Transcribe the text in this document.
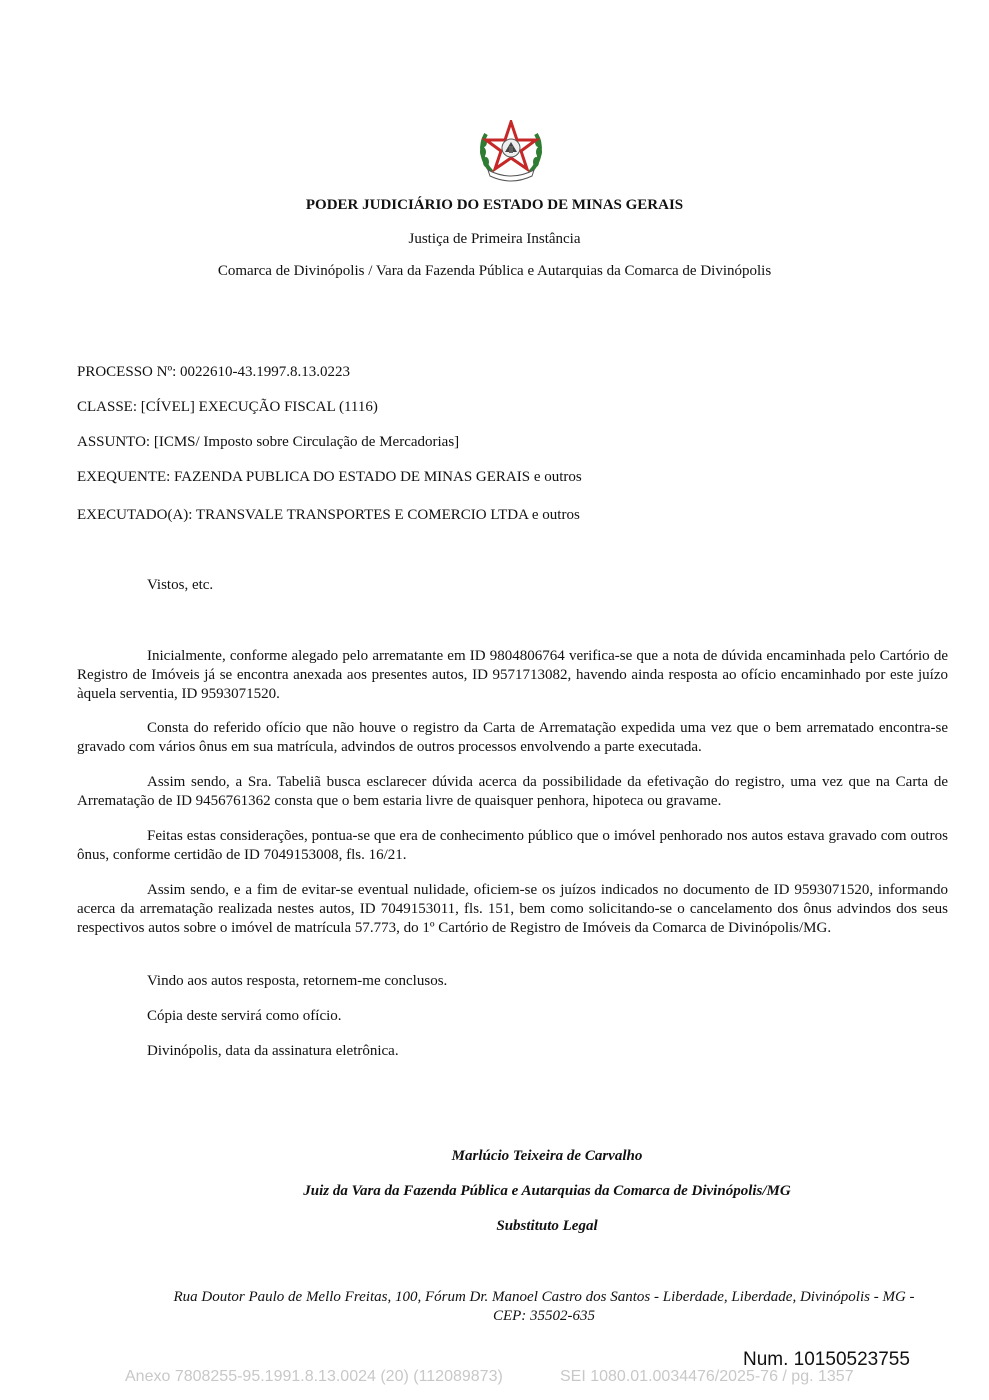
PODER JUDICIÁRIO DO ESTADO DE MINAS GERAIS
Justiça de Primeira Instância
Comarca de Divinópolis / Vara da Fazenda Pública e Autarquias da Comarca de Divinópolis
PROCESSO Nº: 0022610-43.1997.8.13.0223
CLASSE: [CÍVEL] EXECUÇÃO FISCAL (1116)
ASSUNTO: [ICMS/ Imposto sobre Circulação de Mercadorias]
EXEQUENTE: FAZENDA PUBLICA DO ESTADO DE MINAS GERAIS e outros
EXECUTADO(A): TRANSVALE TRANSPORTES E COMERCIO LTDA e outros
Vistos, etc.
Inicialmente, conforme alegado pelo arrematante em ID 9804806764 verifica-se que a nota de dúvida encaminhada pelo Cartório de Registro de Imóveis já se encontra anexada aos presentes autos, ID 9571713082, havendo ainda resposta ao ofício encaminhado por este juízo àquela serventia, ID 9593071520.
Consta do referido ofício que não houve o registro da Carta de Arrematação expedida uma vez que o bem arrematado encontra-se gravado com vários ônus em sua matrícula, advindos de outros processos envolvendo a parte executada.
Assim sendo, a Sra. Tabeliã busca esclarecer dúvida acerca da possibilidade da efetivação do registro, uma vez que na Carta de Arrematação de ID 9456761362 consta que o bem estaria livre de quaisquer penhora, hipoteca ou gravame.
Feitas estas considerações, pontua-se que era de conhecimento público que o imóvel penhorado nos autos estava gravado com outros ônus, conforme certidão de ID 7049153008, fls. 16/21.
Assim sendo, e a fim de evitar-se eventual nulidade, oficiem-se os juízos indicados no documento de ID 9593071520, informando acerca da arrematação realizada nestes autos, ID 7049153011, fls. 151, bem como solicitando-se o cancelamento dos ônus advindos dos seus respectivos autos sobre o imóvel de matrícula 57.773, do 1º Cartório de Registro de Imóveis da Comarca de Divinópolis/MG.
Vindo aos autos resposta, retornem-me conclusos.
Cópia deste servirá como ofício.
Divinópolis, data da assinatura eletrônica.
Marlúcio Teixeira de Carvalho
Juiz da Vara da Fazenda Pública e Autarquias da Comarca de Divinópolis/MG
Substituto Legal
Rua Doutor Paulo de Mello Freitas, 100, Fórum Dr. Manoel Castro dos Santos - Liberdade, Liberdade, Divinópolis - MG -
CEP: 35502-635
Num. 10150523755
Anexo 7808255-95.1991.8.13.0024 (20) (112089873)	SEI 1080.01.0034476/2025-76 / pg. 1357
